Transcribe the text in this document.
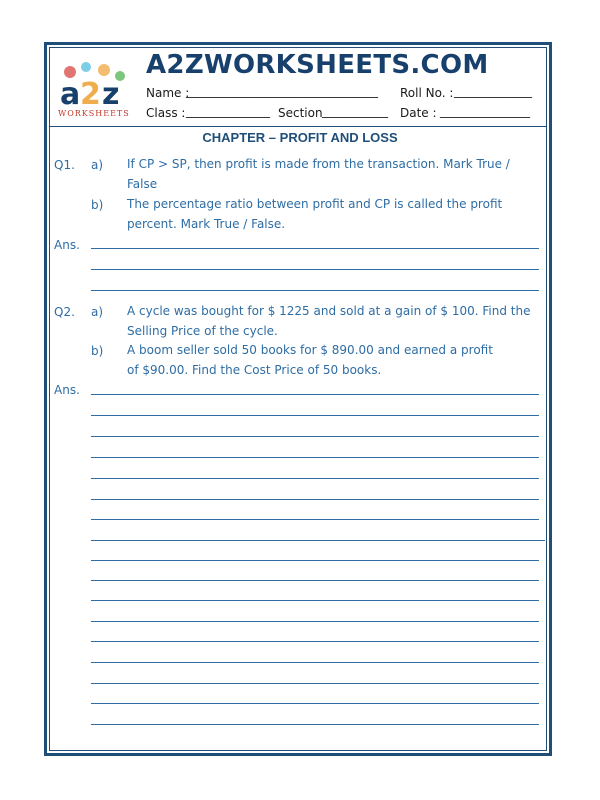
a 2 z
WORKSHEETS
A2ZWORKSHEETS.COM
Name :
________________________________ Roll No. : _____________
Class : ______________ Section ___________ Date : _______________
CHAPTER – PROFIT AND LOSS
Q1. a) If CP > SP, then profit is made from the transaction. Mark True /
False
b) The percentage ratio between profit and CP is called the profit
percent. Mark True / False.
Ans.
Q2. a) A cycle was bought for $ 1225 and sold at a gain of $ 100. Find the
Selling Price of the cycle.
b) A boom seller sold 50 books for $ 890.00 and earned a profit
of $90.00. Find the Cost Price of 50 books.
Ans.
